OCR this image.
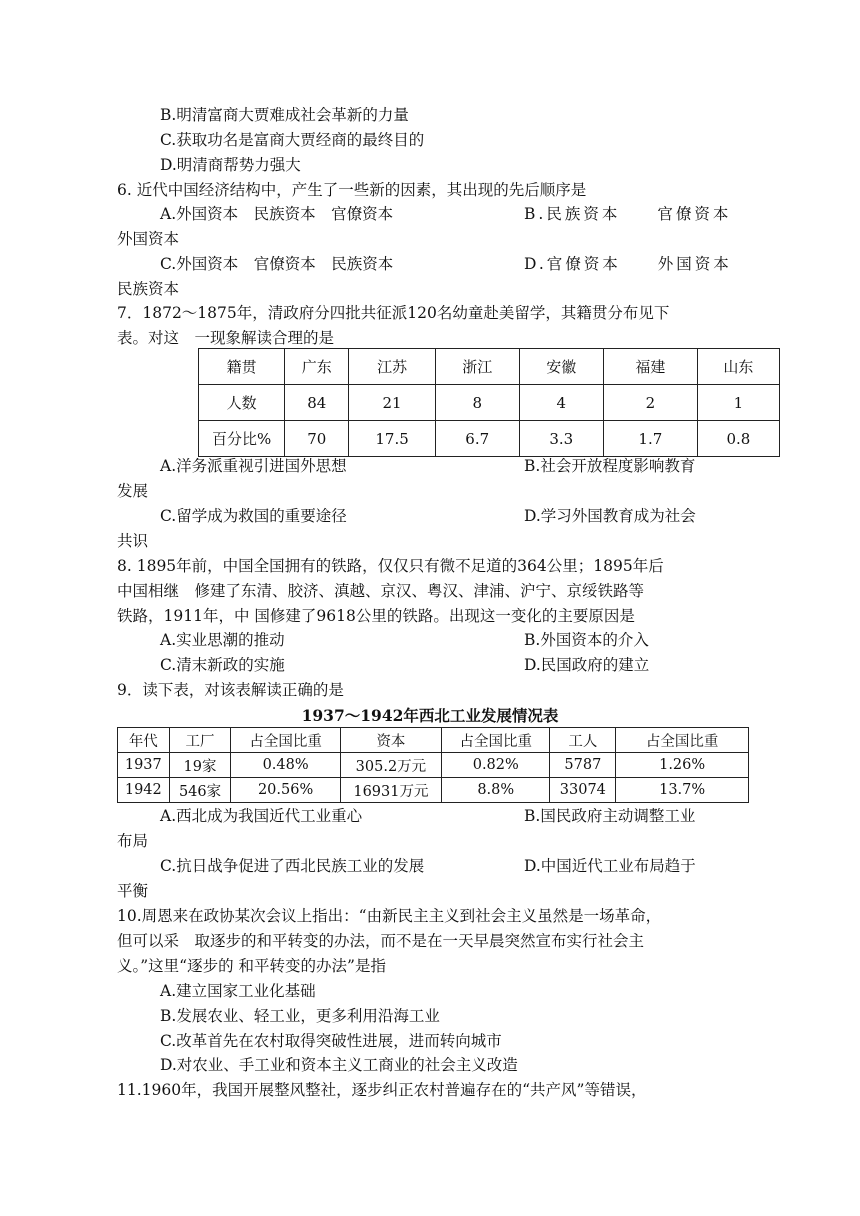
B.明清富商大贾难成社会革新的力量
C.获取功名是富商大贾经商的最终目的
D.明清商帮势力强大
6. 近代中国经济结构中，产生了一些新的因素，其出现的先后顺序是
A.外国资本　民族资本　官僚资本	B.民族资本　　官僚资本
外国资本
C.外国资本　官僚资本　民族资本	D.官僚资本　　外国资本
民族资本
7．1872～1875年，清政府分四批共征派120名幼童赴美留学，其籍贯分布见下
表。对这　一现象解读合理的是
籍贯	广东	江苏	浙江	安徽	福建	山东
人数	84	21	8	4	2	1
百分比%	70	17.5	6.7	3.3	1.7	0.8
A.洋务派重视引进国外思想	B.社会开放程度影响教育
发展
C.留学成为救国的重要途径	D.学习外国教育成为社会
共识
8. 1895年前，中国全国拥有的铁路，仅仅只有微不足道的364公里；1895年后
中国相继　修建了东清、胶济、滇越、京汉、粤汉、津浦、沪宁、京绥铁路等
铁路，1911年，中 国修建了9618公里的铁路。出现这一变化的主要原因是
A.实业思潮的推动	B.外国资本的介入
C.清末新政的实施	D.民国政府的建立
9．读下表，对该表解读正确的是
1937～1942年西北工业发展情况表
年代	工厂	占全国比重	资本	占全国比重	工人	占全国比重
1937	19家	0.48%	305.2万元	0.82%	5787	1.26%
1942	546家	20.56%	16931万元	8.8%	33074	13.7%
A.西北成为我国近代工业重心	B.国民政府主动调整工业
布局
C.抗日战争促进了西北民族工业的发展	D.中国近代工业布局趋于
平衡
10.周恩来在政协某次会议上指出：“由新民主主义到社会主义虽然是一场革命，
但可以采　取逐步的和平转变的办法，而不是在一天早晨突然宣布实行社会主
义。”这里“逐步的 和平转变的办法”是指
A.建立国家工业化基础
B.发展农业、轻工业，更多利用沿海工业
C.改革首先在农村取得突破性进展，进而转向城市
D.对农业、手工业和资本主义工商业的社会主义改造
11.1960年，我国开展整风整社，逐步纠正农村普遍存在的“共产风”等错误，
